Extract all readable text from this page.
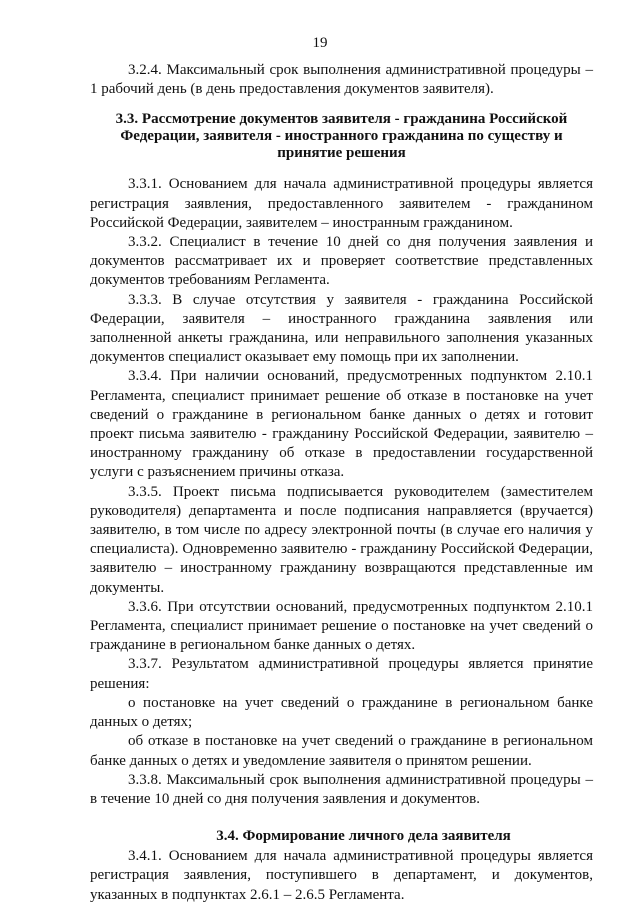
19

3.2.4. Максимальный срок выполнения административной процедуры – 1 рабочий день (в день предоставления документов заявителя).

3.3. Рассмотрение документов заявителя - гражданина Российской Федерации, заявителя - иностранного гражданина по существу и принятие решения

3.3.1. Основанием для начала административной процедуры является регистрация заявления, предоставленного заявителем - гражданином Российской Федерации, заявителем – иностранным гражданином.

3.3.2. Специалист в течение 10 дней со дня получения заявления и документов рассматривает их и проверяет соответствие представленных документов требованиям Регламента.

3.3.3. В случае отсутствия у заявителя - гражданина Российской Федерации, заявителя – иностранного гражданина заявления или заполненной анкеты гражданина, или неправильного заполнения указанных документов специалист оказывает ему помощь при их заполнении.

3.3.4. При наличии оснований, предусмотренных подпунктом 2.10.1 Регламента, специалист принимает решение об отказе в постановке на учет сведений о гражданине в региональном банке данных о детях и готовит проект письма заявителю - гражданину Российской Федерации, заявителю – иностранному гражданину об отказе в предоставлении государственной услуги с разъяснением причины отказа.

3.3.5. Проект письма подписывается руководителем (заместителем руководителя) департамента и после подписания направляется (вручается) заявителю, в том числе по адресу электронной почты (в случае его наличия у специалиста). Одновременно заявителю - гражданину Российской Федерации, заявителю – иностранному гражданину возвращаются представленные им документы.

3.3.6. При отсутствии оснований, предусмотренных подпунктом 2.10.1 Регламента, специалист принимает решение о постановке на учет сведений о гражданине в региональном банке данных о детях.

3.3.7. Результатом административной процедуры является принятие решения:

о постановке на учет сведений о гражданине в региональном банке данных о детях;

об отказе в постановке на учет сведений о гражданине в региональном банке данных о детях и уведомление заявителя о принятом решении.

3.3.8. Максимальный срок выполнения административной процедуры – в течение 10 дней со дня получения заявления и документов.

3.4. Формирование личного дела заявителя

3.4.1. Основанием для начала административной процедуры является регистрация заявления, поступившего в департамент, и документов, указанных в подпунктах 2.6.1 – 2.6.5 Регламента.
